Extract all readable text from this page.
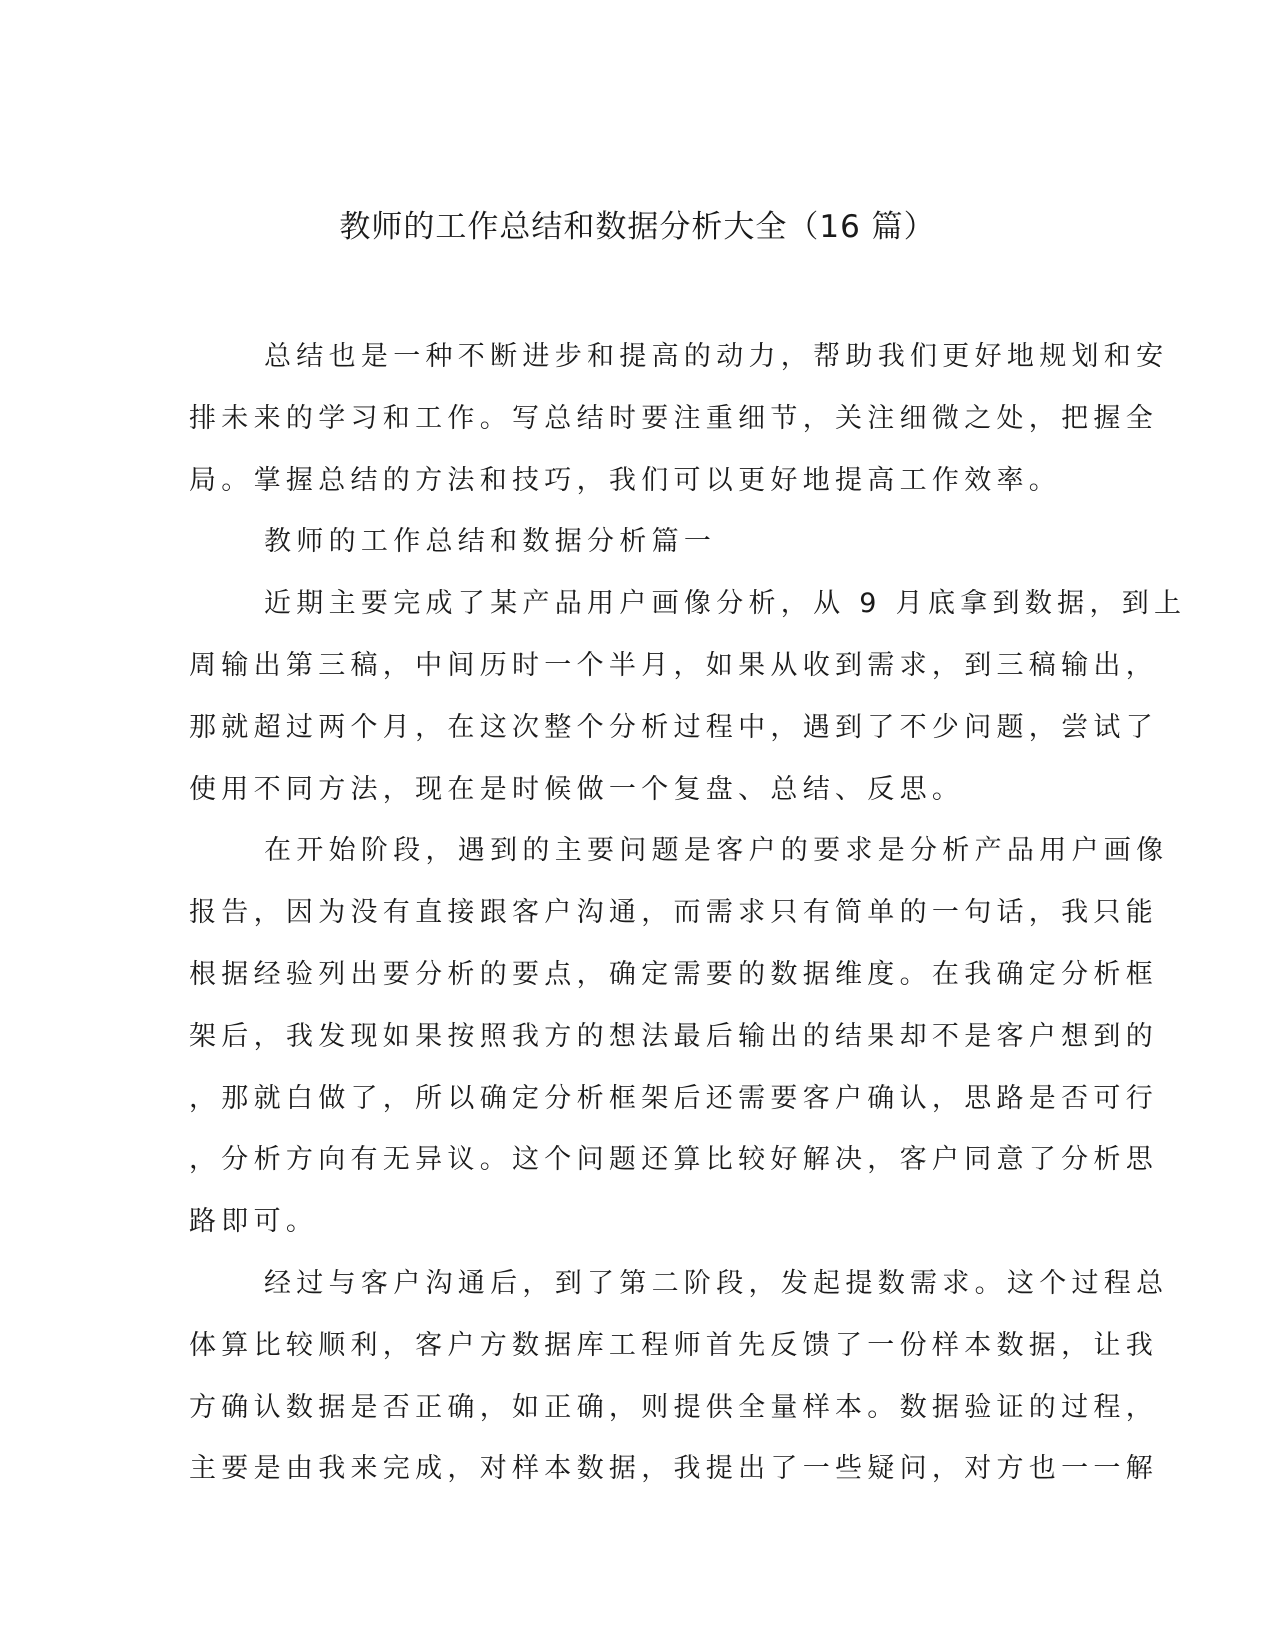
教师的工作总结和数据分析大全（16 篇）
总结也是一种不断进步和提高的动力，帮助我们更好地规划和安
排未来的学习和工作。写总结时要注重细节，关注细微之处，把握全
局。掌握总结的方法和技巧，我们可以更好地提高工作效率。
教师的工作总结和数据分析篇一
近期主要完成了某产品用户画像分析，从 9 月底拿到数据，到上
周输出第三稿，中间历时一个半月，如果从收到需求，到三稿输出，
那就超过两个月，在这次整个分析过程中，遇到了不少问题，尝试了
使用不同方法，现在是时候做一个复盘、总结、反思。
在开始阶段，遇到的主要问题是客户的要求是分析产品用户画像
报告，因为没有直接跟客户沟通，而需求只有简单的一句话，我只能
根据经验列出要分析的要点，确定需要的数据维度。在我确定分析框
架后，我发现如果按照我方的想法最后输出的结果却不是客户想到的
，那就白做了，所以确定分析框架后还需要客户确认，思路是否可行
，分析方向有无异议。这个问题还算比较好解决，客户同意了分析思
路即可。
经过与客户沟通后，到了第二阶段，发起提数需求。这个过程总
体算比较顺利，客户方数据库工程师首先反馈了一份样本数据，让我
方确认数据是否正确，如正确，则提供全量样本。数据验证的过程，
主要是由我来完成，对样本数据，我提出了一些疑问，对方也一一解
